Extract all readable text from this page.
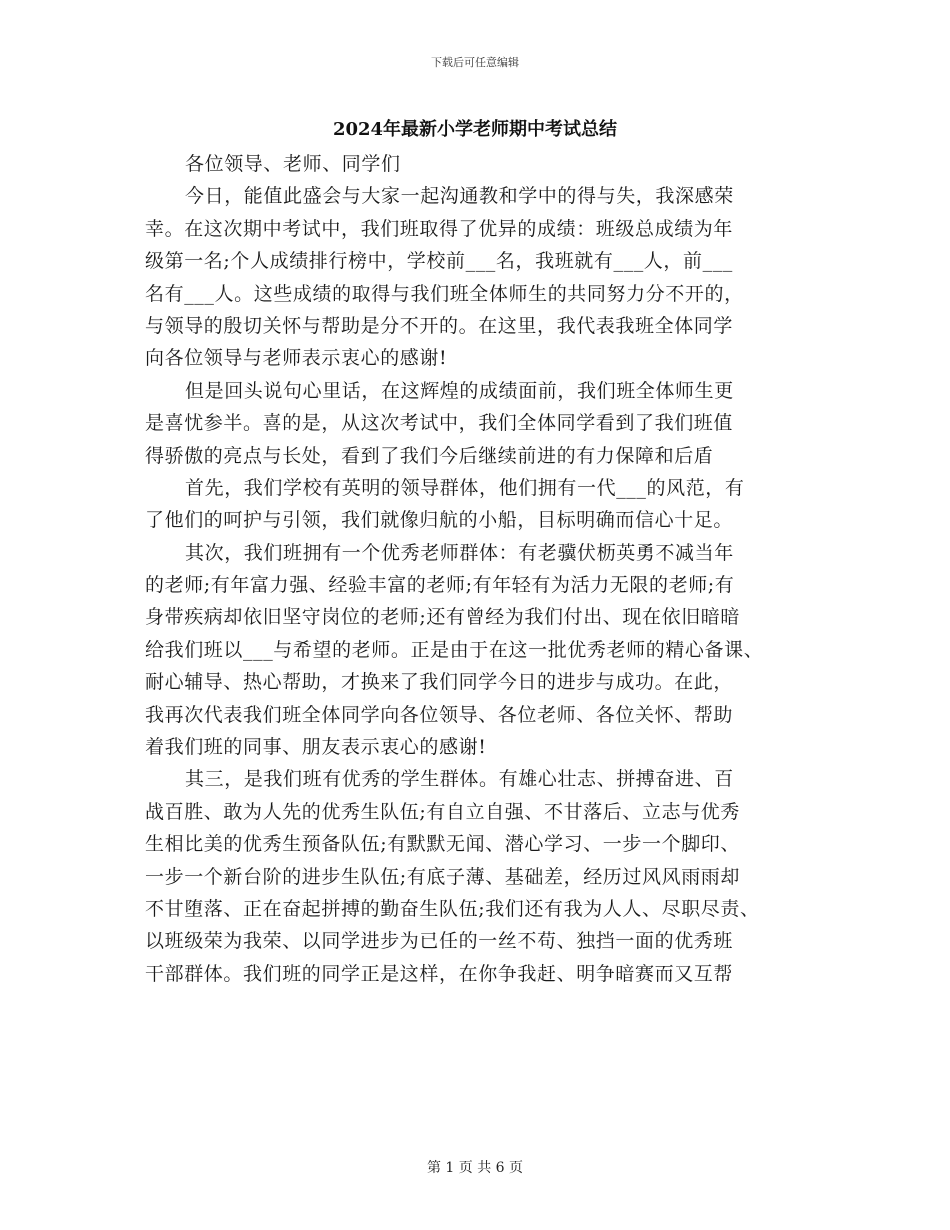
下载后可任意编辑
2024年最新小学老师期中考试总结
各位领导、老师、同学们
今日，能值此盛会与大家一起沟通教和学中的得与失，我深感荣
幸。在这次期中考试中，我们班取得了优异的成绩：班级总成绩为年
级第一名;个人成绩排行榜中，学校前___名，我班就有___人，前___
名有___人。这些成绩的取得与我们班全体师生的共同努力分不开的，
与领导的殷切关怀与帮助是分不开的。在这里，我代表我班全体同学
向各位领导与老师表示衷心的感谢!
但是回头说句心里话，在这辉煌的成绩面前，我们班全体师生更
是喜忧参半。喜的是，从这次考试中，我们全体同学看到了我们班值
得骄傲的亮点与长处，看到了我们今后继续前进的有力保障和后盾
首先，我们学校有英明的领导群体，他们拥有一代___的风范，有
了他们的呵护与引领，我们就像归航的小船，目标明确而信心十足。
其次，我们班拥有一个优秀老师群体：有老骥伏枥英勇不减当年
的老师;有年富力强、经验丰富的老师;有年轻有为活力无限的老师;有
身带疾病却依旧坚守岗位的老师;还有曾经为我们付出、现在依旧暗暗
给我们班以___与希望的老师。正是由于在这一批优秀老师的精心备课、
耐心辅导、热心帮助，才换来了我们同学今日的进步与成功。在此，
我再次代表我们班全体同学向各位领导、各位老师、各位关怀、帮助
着我们班的同事、朋友表示衷心的感谢!
其三，是我们班有优秀的学生群体。有雄心壮志、拼搏奋进、百
战百胜、敢为人先的优秀生队伍;有自立自强、不甘落后、立志与优秀
生相比美的优秀生预备队伍;有默默无闻、潜心学习、一步一个脚印、
一步一个新台阶的进步生队伍;有底子薄、基础差，经历过风风雨雨却
不甘堕落、正在奋起拼搏的勤奋生队伍;我们还有我为人人、尽职尽责、
以班级荣为我荣、以同学进步为已任的一丝不苟、独挡一面的优秀班
干部群体。我们班的同学正是这样，在你争我赶、明争暗赛而又互帮
第 1 页 共 6 页
